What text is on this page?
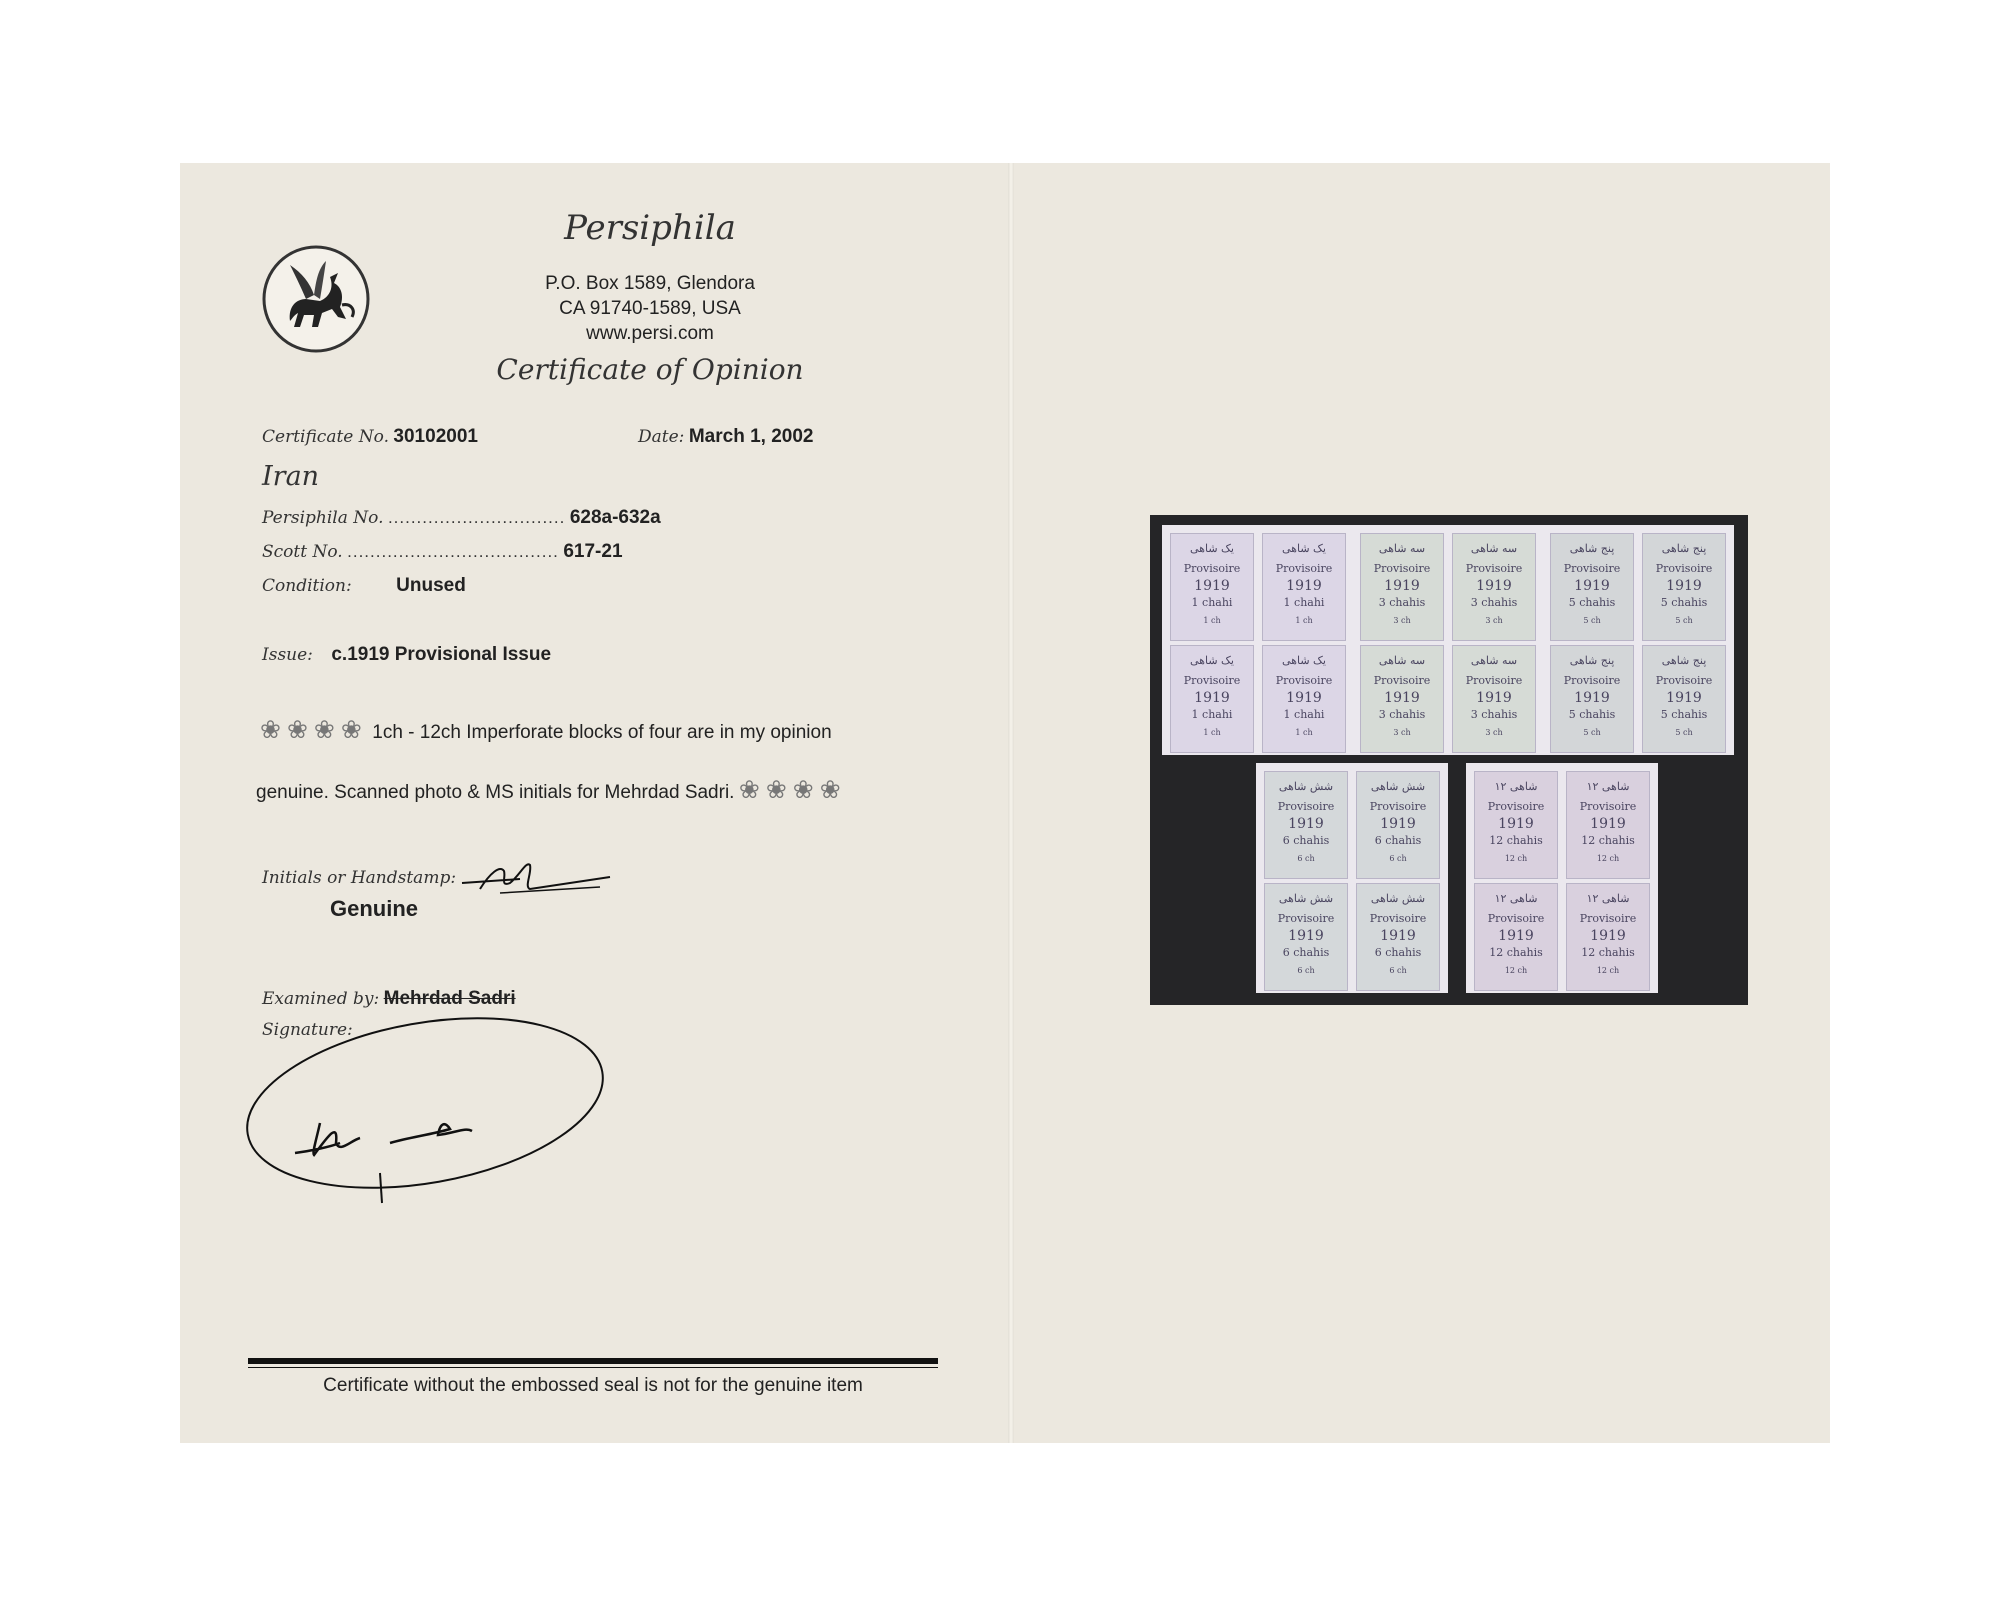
Persiphila
P.O. Box 1589, Glendora
CA 91740-1589, USA
www.persi.com
Certificate of Opinion
Certificate No. 30102001	Date: March 1, 2002
Iran
Persiphila No. ............................... 628a-632a
Scott No. ..................................... 617-21
Condition: Unused
Issue: c.1919 Provisional Issue
❀❀❀❀ 1ch - 12ch Imperforate blocks of four are in my opinion
genuine. Scanned photo & MS initials for Mehrdad Sadri. ❀❀❀❀
Initials or Handstamp:
Genuine
Examined by: Mehrdad Sadri
Signature:
Certificate without the embossed seal is not for the genuine item
یک شاهی
Provisoire
1919
1 chahi
1 ch
یک شاهی
Provisoire
1919
1 chahi
1 ch
یک شاهی
Provisoire
1919
1 chahi
1 ch
یک شاهی
Provisoire
1919
1 chahi
1 ch
سه شاهی
Provisoire
1919
3 chahis
3 ch
سه شاهی
Provisoire
1919
3 chahis
3 ch
سه شاهی
Provisoire
1919
3 chahis
3 ch
سه شاهی
Provisoire
1919
3 chahis
3 ch
پنج شاهی
Provisoire
1919
5 chahis
5 ch
پنج شاهی
Provisoire
1919
5 chahis
5 ch
پنج شاهی
Provisoire
1919
5 chahis
5 ch
پنج شاهی
Provisoire
1919
5 chahis
5 ch
شش شاهی
Provisoire
1919
6 chahis
6 ch
شش شاهی
Provisoire
1919
6 chahis
6 ch
شش شاهی
Provisoire
1919
6 chahis
6 ch
شش شاهی
Provisoire
1919
6 chahis
6 ch
۱۲ شاهی
Provisoire
1919
12 chahis
12 ch
۱۲ شاهی
Provisoire
1919
12 chahis
12 ch
۱۲ شاهی
Provisoire
1919
12 chahis
12 ch
۱۲ شاهی
Provisoire
1919
12 chahis
12 ch
